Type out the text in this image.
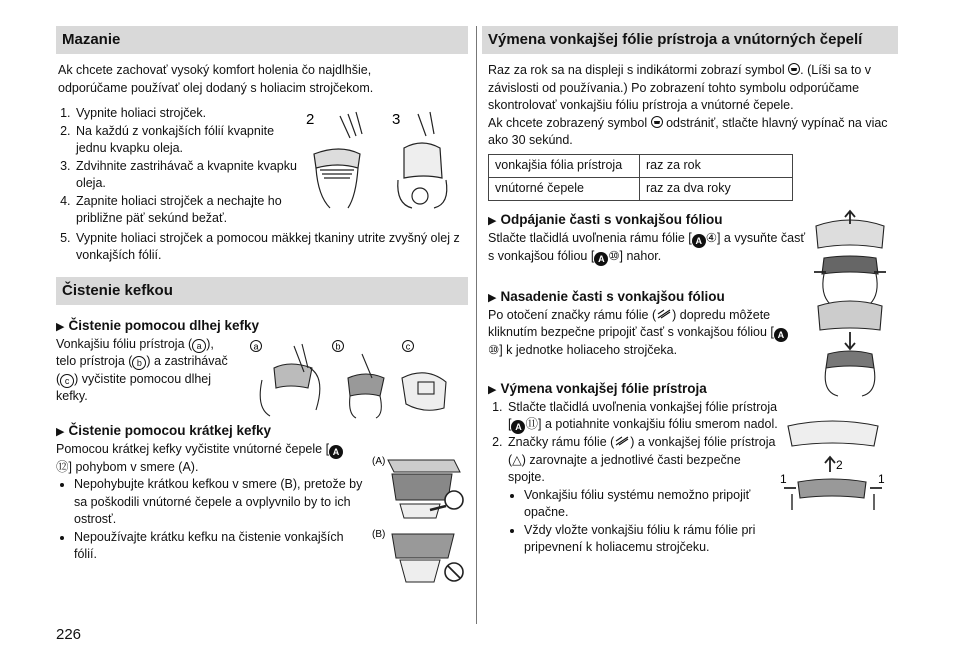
Mazanie

Ak chcete zachovať vysoký komfort holenia čo najdlhšie, odporúčame používať olej dodaný s holiacim strojčekom.

1. Vypnite holiaci strojček.
2. Na každú z vonkajších fólií kvapnite jednu kvapku oleja.
3. Zdvihnite zastrihávač a kvapnite kvapku oleja.
4. Zapnite holiaci strojček a nechajte ho približne päť sekúnd bežať.
5. Vypnite holiaci strojček a pomocou mäkkej tkaniny utrite zvyšný olej z vonkajších fólií.
Čistenie kefkou
▶ Čistenie pomocou dlhej kefky

Vonkajšiu fóliu prístroja ( a ), telo prístroja ( b ) a zastrihávač ( c ) vyčistite pomocou dlhej kefky.

▶ Čistenie pomocou krátkej kefky

Pomocou krátkej kefky vyčistite vnútorné čepele [ A⑫] pohybom v smere (A).

• Nepohybujte krátkou kefkou v smere (B), pretože by sa poškodili vnútorné čepele a ovplyvnilo by to ich ostrosť.
• Nepoužívajte krátku kefku na čistenie vonkajších fólií.
2	3
a	b	c
(A)
(B)
Výmena vonkajšej fólie prístroja a vnútorných čepelí

Raz za rok sa na displeji s indikátormi zobrazí symbol . (Líši sa to v závislosti od používania.) Po zobrazení tohto symbolu odporúčame skontrolovať vonkajšiu fóliu prístroja a vnútorné čepele.

Ak chcete zobrazený symbol odstrániť, stlačte hlavný vypínač na viac ako 30 sekúnd.

vonkajšia fólia prístroja	raz za rok
vnútorné čepele	raz za dva roky
▶ Odpájanie časti s vonkajšou fóliou

Stlačte tlačidlá uvoľnenia rámu fólie [ A ④] a vysuňte časť s vonkajšou fóliou [ A ⑩] nahor.

▶ Nasadenie časti s vonkajšou fóliou

Po otočení značky rámu fólie ( ) dopredu môžete kliknutím bezpečne pripojiť časť s vonkajšou fóliou [ A⑩] k jednotke holiaceho strojčeka.

▶ Výmena vonkajšej fólie prístroja
1. Stlačte tlačidlá uvoľnenia vonkajšej fólie prístroja [ A ⑪] a potiahnite vonkajšiu fóliu smerom nadol.
2. Značky rámu fólie ( ) a vonkajšej fólie prístroja (△) zarovnajte a jednotlivé časti bezpečne spojte.
• Vonkajšiu fóliu systému nemožno pripojiť opačne.
• Vždy vložte vonkajšiu fóliu k rámu fólie pri pripevnení k holiacemu strojčeku.
2
1	1
226
